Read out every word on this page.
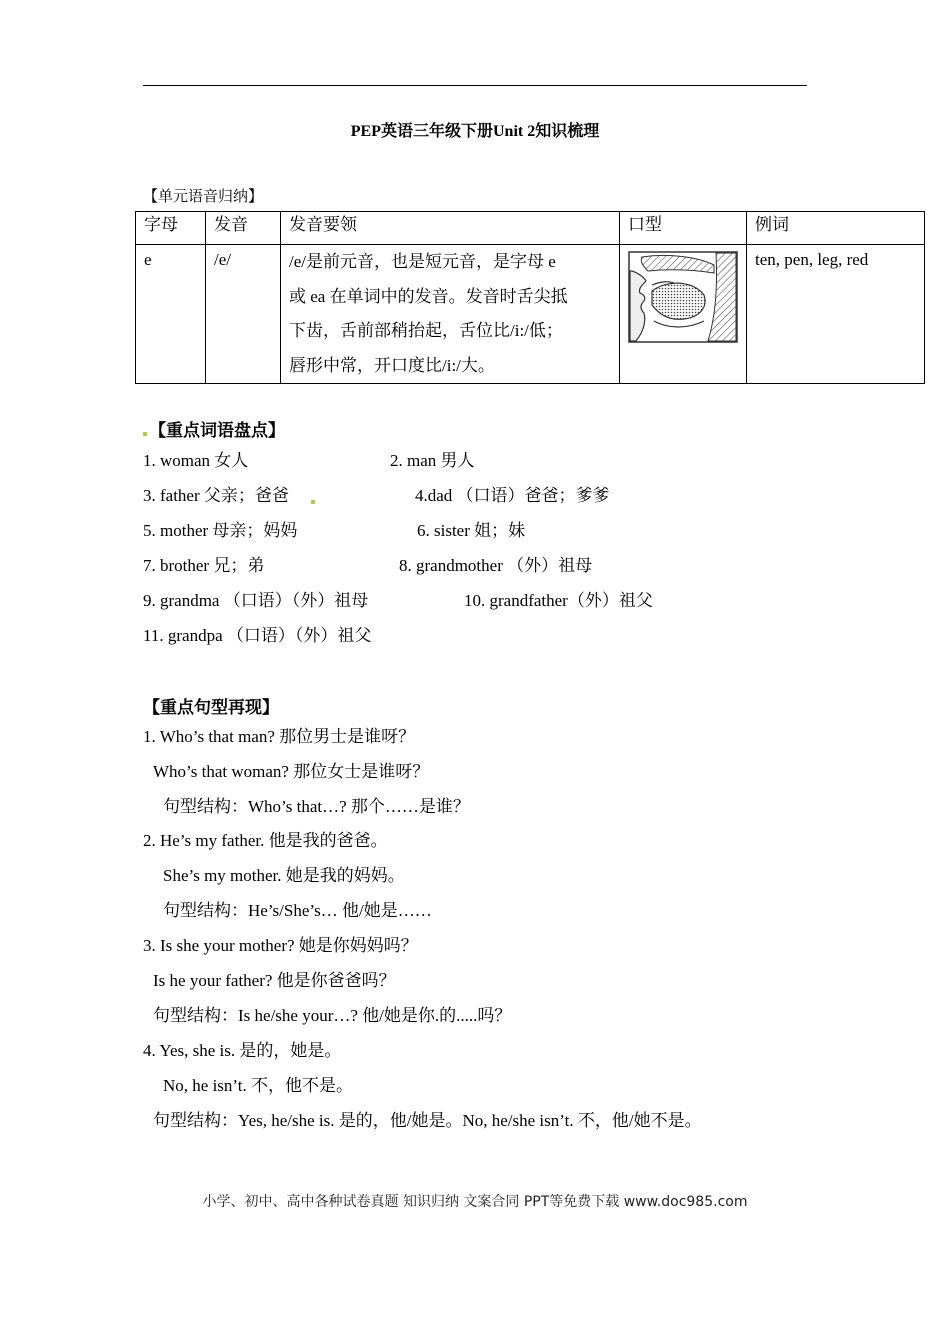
PEP英语三年级下册Unit 2知识梳理
【单元语音归纳】
字母	发音	发音要领	口型	例词
e	/e/	/e/是前元音，也是短元音，是字母 e
或 ea 在单词中的发音。发音时舌尖抵
下齿，舌前部稍抬起，舌位比/i:/低；
唇形中常，开口度比/i:/大。		ten, pen, leg, red
【重点词语盘点】
1. woman 女人	2. man 男人
3. father 父亲；爸爸	4.dad （口语）爸爸；爹爹
5. mother 母亲；妈妈	6. sister 姐；妹
7. brother 兄；弟	8. grandmother （外）祖母
9. grandma （口语）（外）祖母	10. grandfather（外）祖父
11. grandpa （口语）（外）祖父
【重点句型再现】
1. Who’s that man? 那位男士是谁呀？
Who’s that woman? 那位女士是谁呀？
句型结构：Who’s that…? 那个……是谁？
2. He’s my father. 他是我的爸爸。
She’s my mother. 她是我的妈妈。
句型结构：He’s/She’s… 他/她是……
3. Is she your mother? 她是你妈妈吗？
Is he your father? 他是你爸爸吗？
句型结构：Is he/she your…? 他/她是你.的.....吗？
4. Yes, she is. 是的，她是。
No, he isn’t. 不，他不是。
句型结构：Yes, he/she is. 是的，他/她是。No, he/she isn’t. 不，他/她不是。
小学、初中、高中各种试卷真题 知识归纳 文案合同 PPT等免费下载 www.doc985.com
